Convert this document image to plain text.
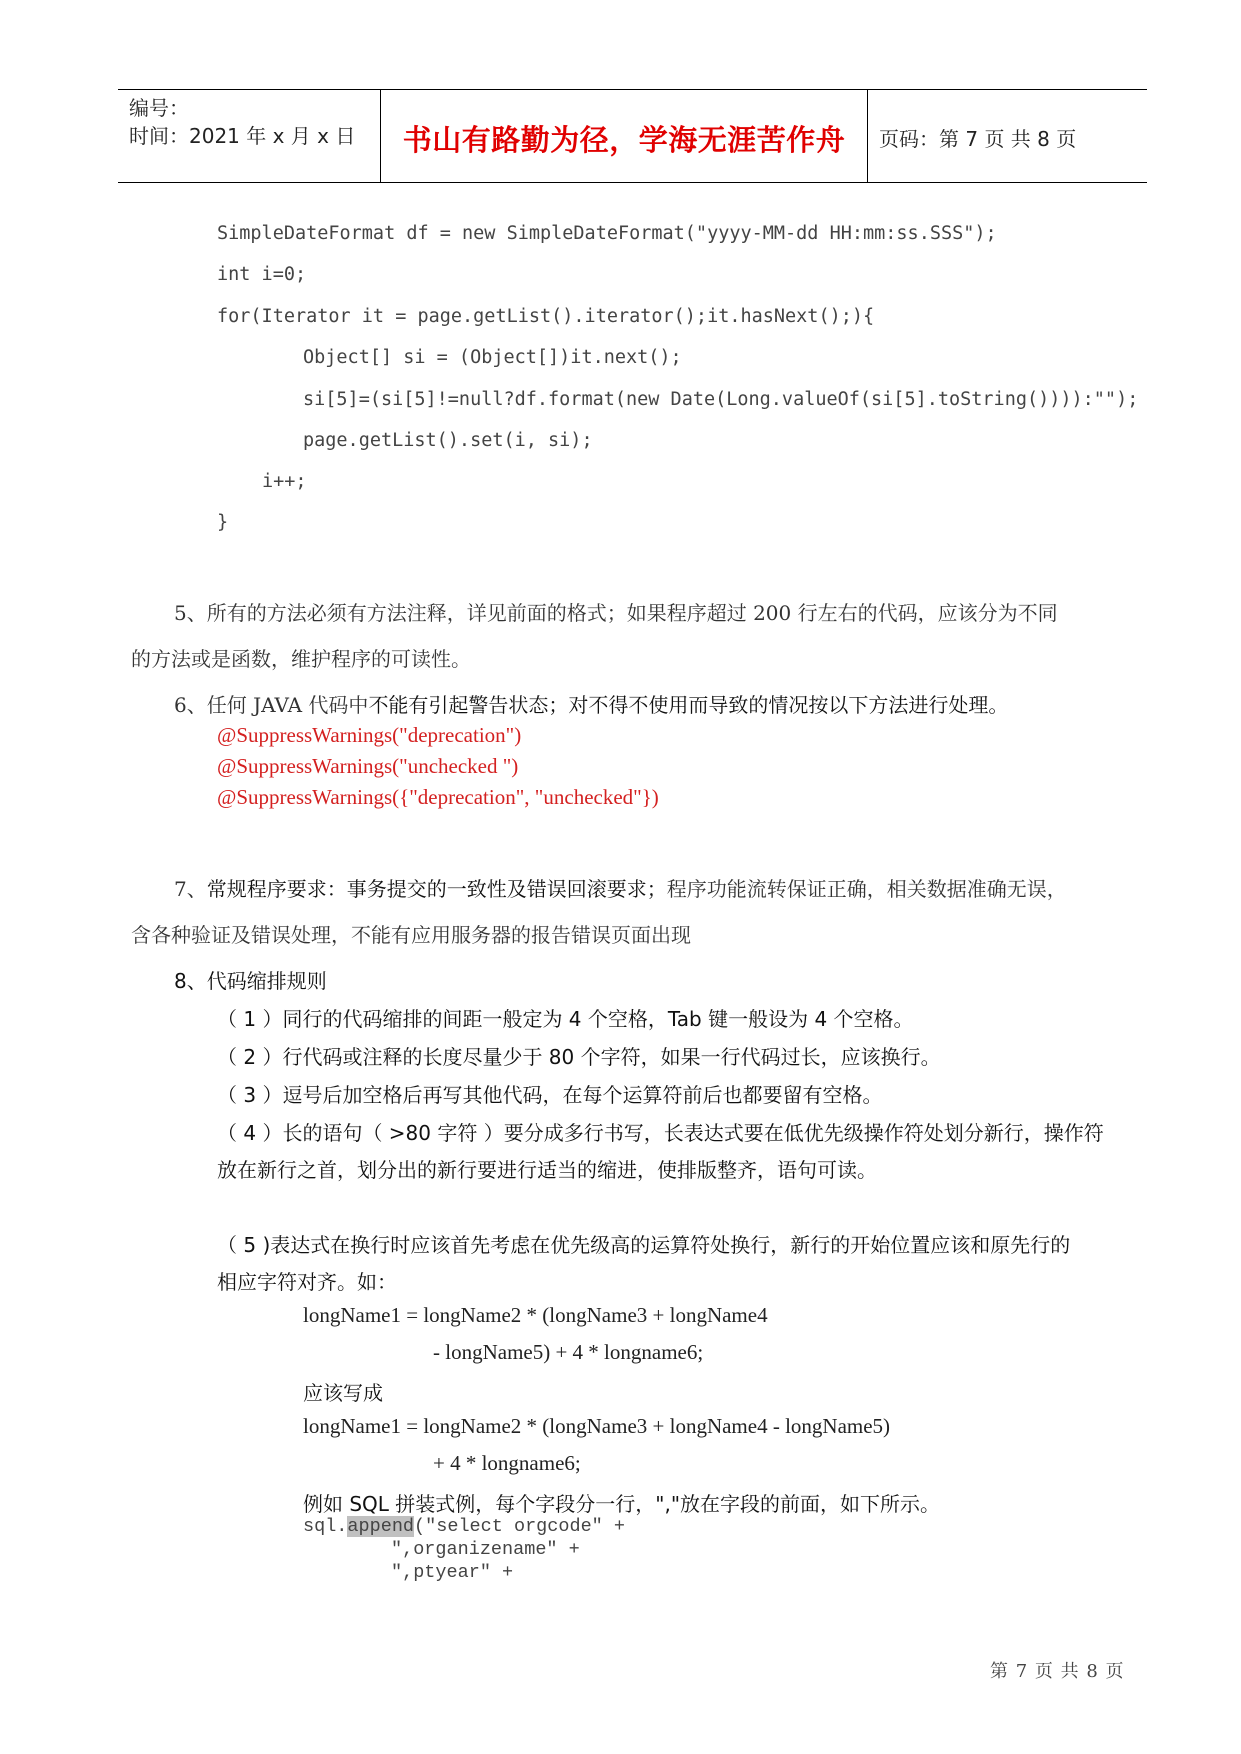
编号：
时间：2021 年 x 月 x 日	书山有路勤为径，学海无涯苦作舟	页码：第 7 页 共 8 页
SimpleDateFormat df = new SimpleDateFormat("yyyy-MM-dd HH:mm:ss.SSS");
int i=0;
for(Iterator it = page.getList().iterator();it.hasNext();){
Object[] si = (Object[])it.next();
si[5]=(si[5]!=null?df.format(new Date(Long.valueOf(si[5].toString()))):"");
page.getList().set(i, si);
i++;
}
5、所有的方法必须有方法注释，详见前面的格式；如果程序超过 200 行左右的代码，应该分为不同
的方法或是函数，维护程序的可读性。
6、任何 JAVA 代码中不能有引起警告状态；对不得不使用而导致的情况按以下方法进行处理。
@SuppressWarnings("deprecation")
@SuppressWarnings("unchecked ")
@SuppressWarnings({"deprecation", "unchecked"})
7、常规程序要求：事务提交的一致性及错误回滚要求；程序功能流转保证正确，相关数据准确无误，
含各种验证及错误处理，不能有应用服务器的报告错误页面出现
8、代码缩排规则
（ 1 ）同行的代码缩排的间距一般定为 4 个空格，Tab 键一般设为 4 个空格。
（ 2 ）行代码或注释的长度尽量少于 80 个字符，如果一行代码过长，应该换行。
（ 3 ）逗号后加空格后再写其他代码，在每个运算符前后也都要留有空格。
（ 4 ）长的语句（ >80 字符 ）要分成多行书写，长表达式要在低优先级操作符处划分新行，操作符
放在新行之首，划分出的新行要进行适当的缩进，使排版整齐，语句可读。
（ 5 )表达式在换行时应该首先考虑在优先级高的运算符处换行，新行的开始位置应该和原先行的
相应字符对齐。如：
longName1 = longName2 * (longName3 + longName4
- longName5) + 4 * longname6;
应该写成
longName1 = longName2 * (longName3 + longName4 - longName5)
+ 4 * longname6;
例如 SQL 拼装式例，每个字段分一行，","放在字段的前面，如下所示。
sql.append("select orgcode" +
",organizename" +
",ptyear" +
第 7 页 共 8 页
